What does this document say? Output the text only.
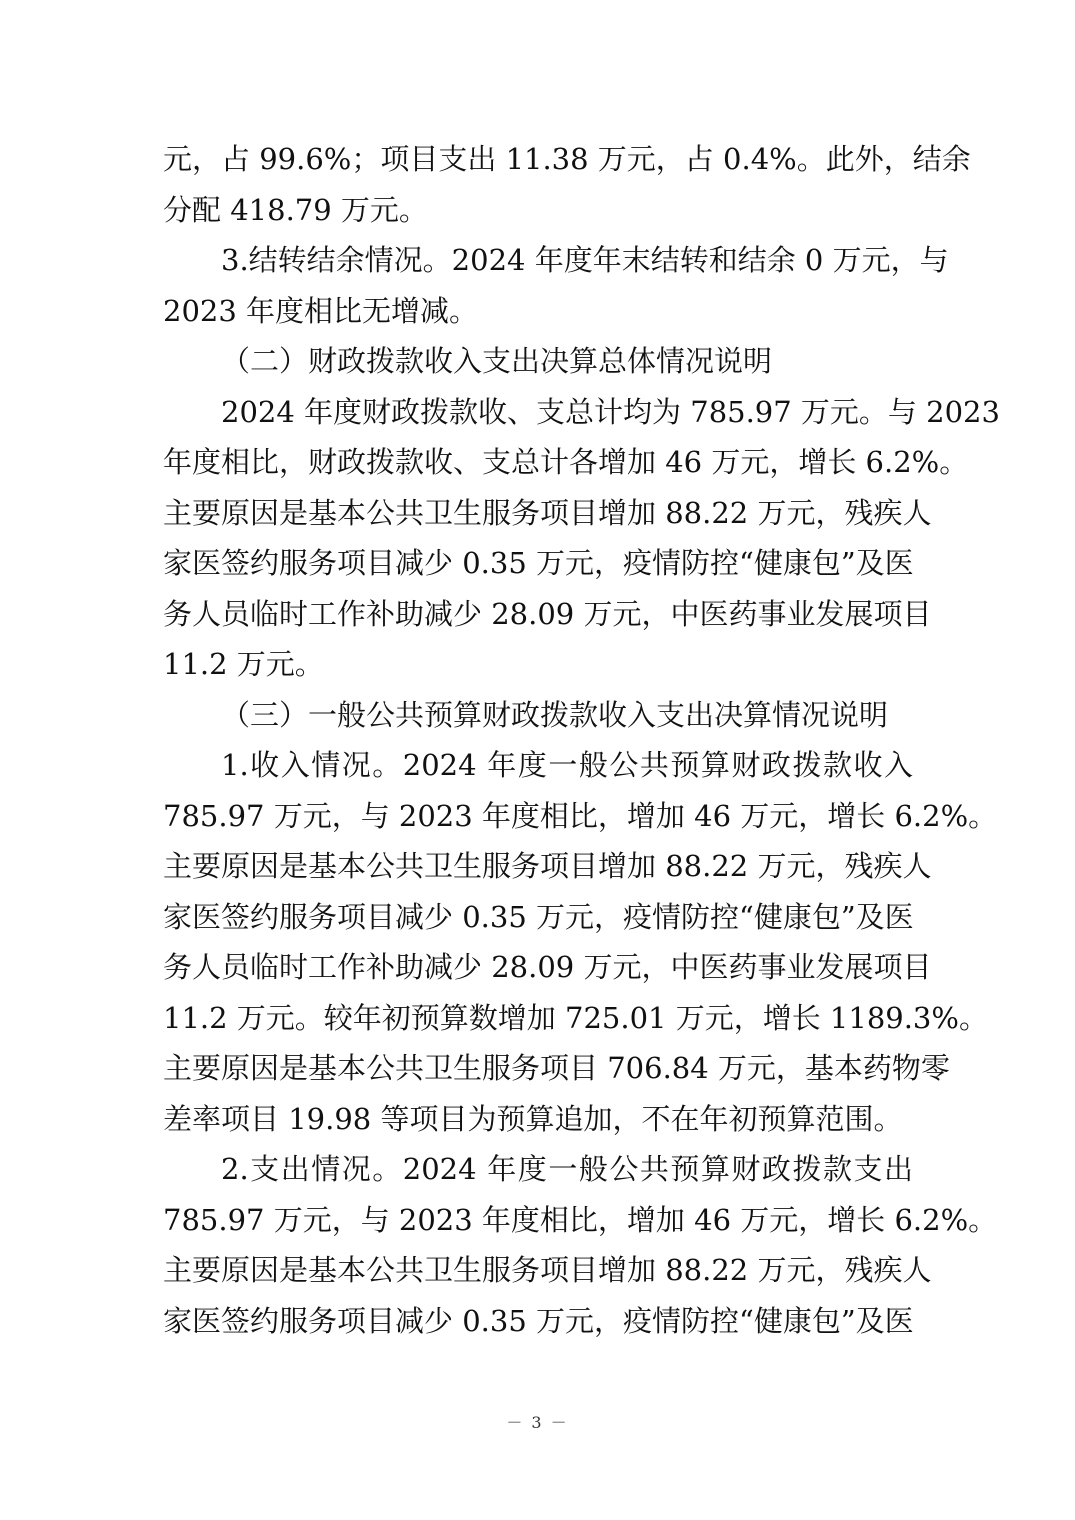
元，占 99.6%；项目支出 11.38 万元，占 0.4%。此外，结余
分配 418.79 万元。
3.结转结余情况。2024 年度年末结转和结余 0 万元，与
2023 年度相比无增减。
（二）财政拨款收入支出决算总体情况说明
2024 年度财政拨款收、支总计均为 785.97 万元。与 2023
年度相比，财政拨款收、支总计各增加 46 万元，增长 6.2%。
主要原因是基本公共卫生服务项目增加 88.22 万元，残疾人
家医签约服务项目减少 0.35 万元，疫情防控“健康包”及医
务人员临时工作补助减少 28.09 万元，中医药事业发展项目
11.2 万元。
（三）一般公共预算财政拨款收入支出决算情况说明
1.收入情况。2024 年度一般公共预算财政拨款收入
785.97 万元，与 2023 年度相比，增加 46 万元，增长 6.2%。
主要原因是基本公共卫生服务项目增加 88.22 万元，残疾人
家医签约服务项目减少 0.35 万元，疫情防控“健康包”及医
务人员临时工作补助减少 28.09 万元，中医药事业发展项目
11.2 万元。较年初预算数增加 725.01 万元，增长 1189.3%。
主要原因是基本公共卫生服务项目 706.84 万元，基本药物零
差率项目 19.98 等项目为预算追加，不在年初预算范围。
2.支出情况。2024 年度一般公共预算财政拨款支出
785.97 万元，与 2023 年度相比，增加 46 万元，增长 6.2%。
主要原因是基本公共卫生服务项目增加 88.22 万元，残疾人
家医签约服务项目减少 0.35 万元，疫情防控“健康包”及医
－ 3 －
